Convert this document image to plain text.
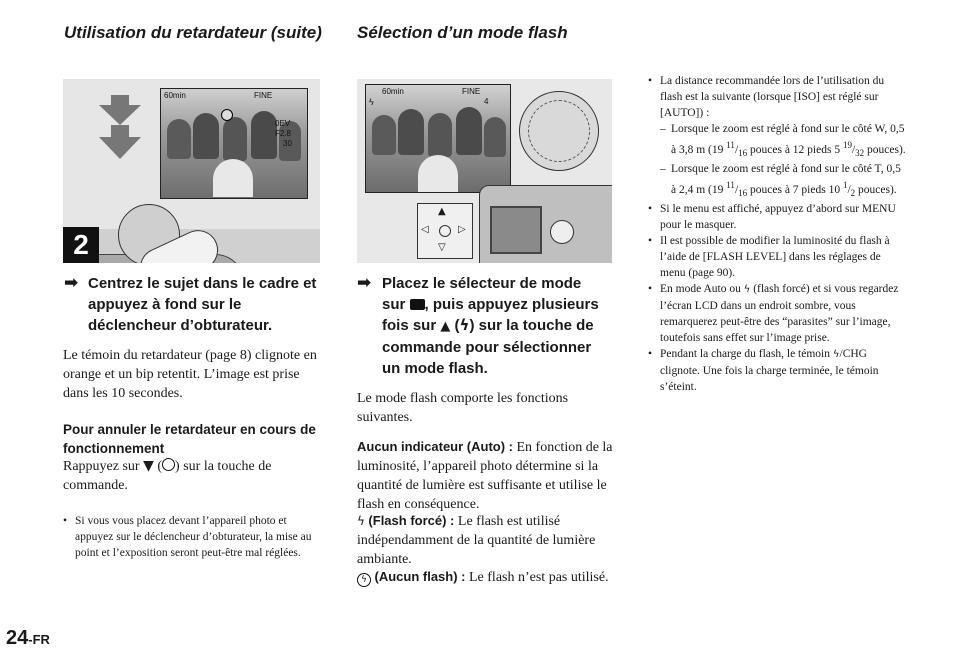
Utilisation du retardateur (suite)
2
60min	FINE
0EV
F2.8
30
➡ Centrez le sujet dans le cadre et appuyez à fond sur le déclencheur d’obturateur.

Le témoin du retardateur (page 8) clignote en orange et un bip retentit. L’image est prise dans les 10 secondes.

Pour annuler le retardateur en cours de fonctionnement

Rappuyez sur ▼ ( ) sur la touche de commande.

• Si vous vous placez devant l’appareil photo et appuyez sur le déclencheur d’obturateur, la mise au point et l’exposition seront peut-être mal réglées.
24-FR
Sélection d’un mode flash
60min	FINE
4
ϟ
▲
▽
◁	▷
➡ Placez le sélecteur de mode
sur , puis appuyez plusieurs
fois sur ▲ (ϟ) sur la touche de
commande pour sélectionner
un mode flash.

Le mode flash comporte les fonctions suivantes.

Aucun indicateur (Auto) : En fonction de la luminosité, l’appareil photo détermine si la quantité de lumière est suffisante et utilise le flash en conséquence.

ϟ (Flash forcé) : Le flash est utilisé indépendamment de la quantité de lumière ambiante.

ϟ (Aucun flash) : Le flash n’est pas utilisé.

• La distance recommandée lors de l’utilisation du flash est la suivante (lorsque [ISO] est réglé sur [AUTO]) :
– Lorsque le zoom est réglé à fond sur le côté W, 0,5 à 3,8 m (19 $^{11}/_{16}$ pouces à 12 pieds 5 $^{19}/_{32}$ pouces).
– Lorsque le zoom est réglé à fond sur le côté T, 0,5 à 2,4 m (19 $^{11}/_{16}$ pouces à 7 pieds 10 $^1/_2$ pouces).
• Si le menu est affiché, appuyez d’abord sur MENU pour le masquer.
• Il est possible de modifier la luminosité du flash à l’aide de [FLASH LEVEL] dans les réglages de menu (page 90).
• En mode Auto ou ϟ (flash forcé) et si vous regardez l’écran LCD dans un endroit sombre, vous remarquerez peut-être des “parasites” sur l’image, toutefois sans effet sur l’image prise.
• Pendant la charge du flash, le témoin ϟ/CHG clignote. Une fois la charge terminée, le témoin s’éteint.
